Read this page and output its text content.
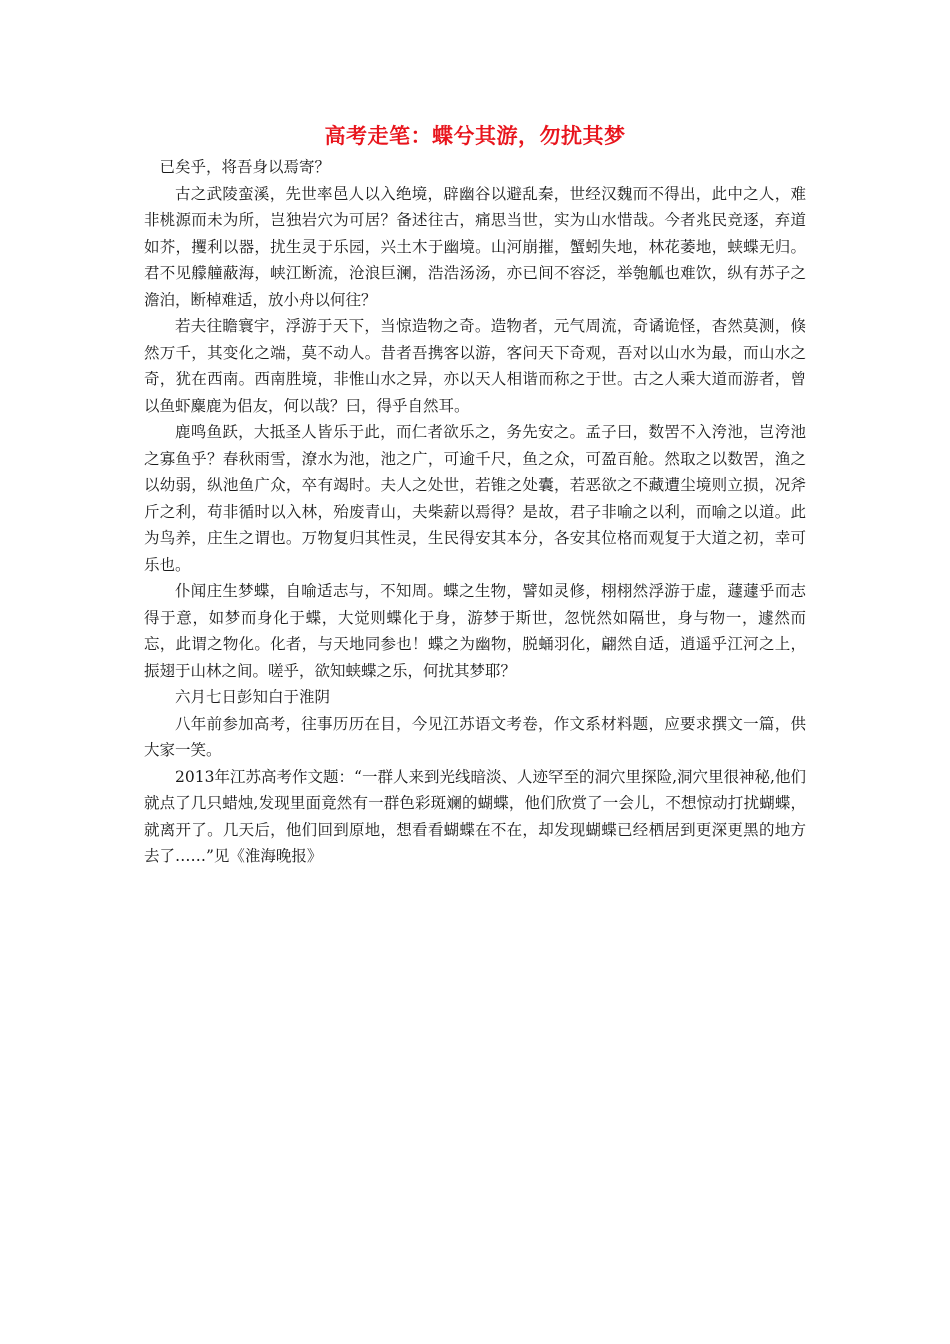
高考走笔：蝶兮其游，勿扰其梦

已矣乎，将吾身以焉寄？

古之武陵蛮溪，先世率邑人以入绝境，辟幽谷以避乱秦，世经汉魏而不得出，此中之人，难非桃源而未为所，岂独岩穴为可居？备述往古，痛思当世，实为山水惜哉。今者兆民竞逐，弃道如芥，攫利以器，扰生灵于乐园，兴土木于幽境。山河崩摧，蟹蚓失地，林花萎地，蛱蝶无归。君不见艨艟蔽海，峡江断流，沧浪巨澜，浩浩汤汤，亦已间不容泛，举匏觚也难饮，纵有苏子之澹泊，断棹难适，放小舟以何往？

若夫往瞻寰宇，浮游于天下，当惊造物之奇。造物者，元气周流，奇谲诡怪，杳然莫测，倏然万千，其变化之端，莫不动人。昔者吾携客以游，客问天下奇观，吾对以山水为最，而山水之奇，犹在西南。西南胜境，非惟山水之异，亦以天人相谐而称之于世。古之人乘大道而游者，曾以鱼虾麋鹿为侣友，何以哉？曰，得乎自然耳。

鹿鸣鱼跃，大抵圣人皆乐于此，而仁者欲乐之，务先安之。孟子曰，数罟不入洿池，岂洿池之寡鱼乎？春秋雨雪，潦水为池，池之广，可逾千尺，鱼之众，可盈百舱。然取之以数罟，渔之以幼弱，纵池鱼广众，卒有竭时。夫人之处世，若锥之处囊，若恶欲之不藏遭尘境则立损，况斧斤之利，苟非循时以入林，殆废青山，夫柴薪以焉得？是故，君子非喻之以利，而喻之以道。此为鸟养，庄生之谓也。万物复归其性灵，生民得安其本分，各安其位格而观复于大道之初，幸可乐也。

仆闻庄生梦蝶，自喻适志与，不知周。蝶之生物，譬如灵修，栩栩然浮游于虚，蘧蘧乎而志得于意，如梦而身化于蝶，大觉则蝶化于身，游梦于斯世，忽恍然如隔世，身与物一，遽然而忘，此谓之物化。化者，与天地同参也！蝶之为幽物，脱蛹羽化，翩然自适，逍遥乎江河之上，振翅于山林之间。嗟乎，欲知蛱蝶之乐，何扰其梦耶？

六月七日彭知白于淮阴

八年前参加高考，往事历历在目，今见江苏语文考卷，作文系材料题，应要求撰文一篇，供大家一笑。

2013年江苏高考作文题：“一群人来到光线暗淡、人迹罕至的洞穴里探险,洞穴里很神秘,他们就点了几只蜡烛,发现里面竟然有一群色彩斑斓的蝴蝶，他们欣赏了一会儿，不想惊动打扰蝴蝶，就离开了。几天后，他们回到原地，想看看蝴蝶在不在，却发现蝴蝶已经栖居到更深更黑的地方去了……”见《淮海晚报》
